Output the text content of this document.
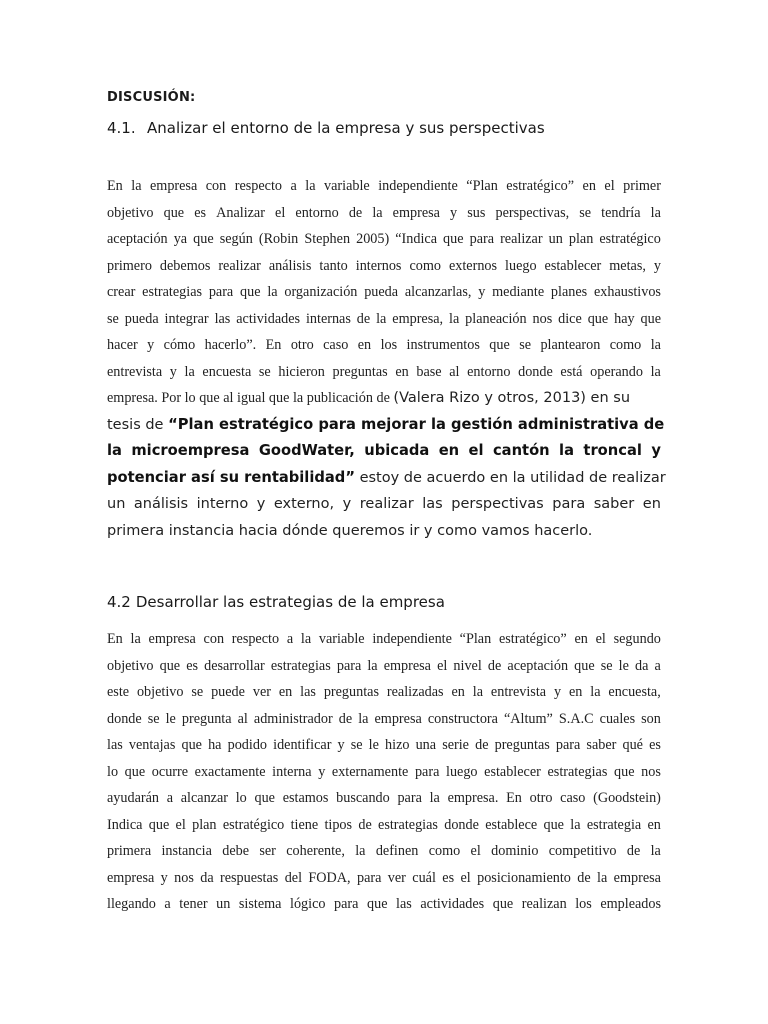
DISCUSIÓN:
4.1. Analizar el entorno de la empresa y sus perspectivas
En la empresa con respecto a la variable independiente “Plan estratégico” en el primer
objetivo que es Analizar el entorno de la empresa y sus perspectivas, se tendría la
aceptación ya que según (Robin Stephen 2005) “Indica que para realizar un plan estratégico
primero debemos realizar análisis tanto internos como externos luego establecer metas, y
crear estrategias para que la organización pueda alcanzarlas, y mediante planes exhaustivos
se pueda integrar las actividades internas de la empresa, la planeación nos dice que hay que
hacer y cómo hacerlo”. En otro caso en los instrumentos que se plantearon como la
entrevista y la encuesta se hicieron preguntas en base al entorno donde está operando la
empresa. Por lo que al igual que la publicación de (Valera Rizo y otros, 2013) en su
tesis de “Plan estratégico para mejorar la gestión administrativa de
la microempresa GoodWater, ubicada en el cantón la troncal y
potenciar así su rentabilidad” estoy de acuerdo en la utilidad de realizar
un análisis interno y externo, y realizar las perspectivas para saber en
primera instancia hacia dónde queremos ir y como vamos hacerlo.
4.2 Desarrollar las estrategias de la empresa
En la empresa con respecto a la variable independiente “Plan estratégico” en el segundo
objetivo que es desarrollar estrategias para la empresa el nivel de aceptación que se le da a
este objetivo se puede ver en las preguntas realizadas en la entrevista y en la encuesta,
donde se le pregunta al administrador de la empresa constructora “Altum” S.A.C cuales son
las ventajas que ha podido identificar y se le hizo una serie de preguntas para saber qué es
lo que ocurre exactamente interna y externamente para luego establecer estrategias que nos
ayudarán a alcanzar lo que estamos buscando para la empresa. En otro caso (Goodstein)
Indica que el plan estratégico tiene tipos de estrategias donde establece que la estrategia en
primera instancia debe ser coherente, la definen como el dominio competitivo de la
empresa y nos da respuestas del FODA, para ver cuál es el posicionamiento de la empresa
llegando a tener un sistema lógico para que las actividades que realizan los empleados
